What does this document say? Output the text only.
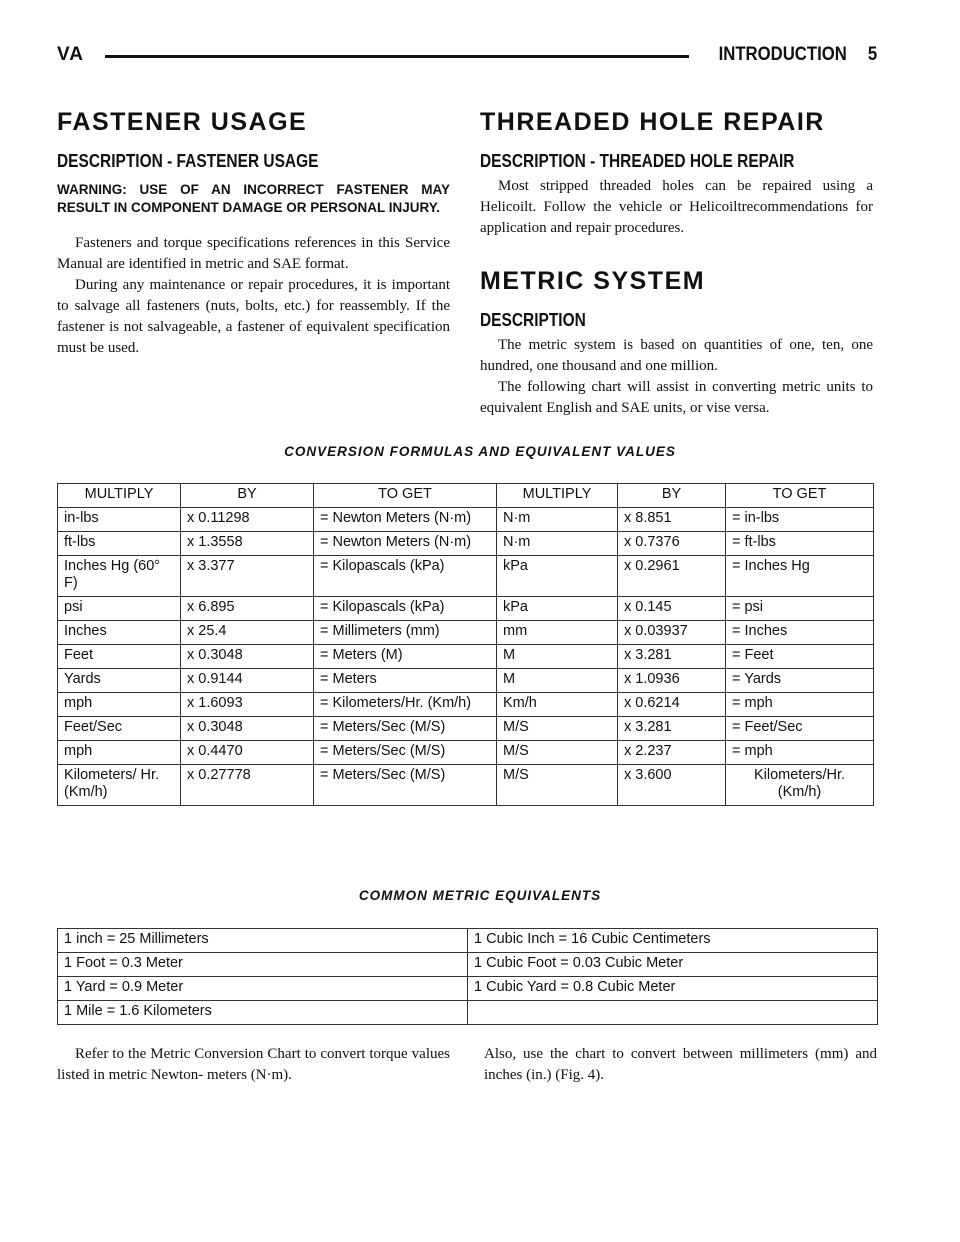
VA	INTRODUCTION 5
FASTENER USAGE
DESCRIPTION - FASTENER USAGE
WARNING: USE OF AN INCORRECT FASTENER MAY RESULT IN COMPONENT DAMAGE OR PERSONAL INJURY.

Fasteners and torque specifications references in this Service Manual are identified in metric and SAE format.

During any maintenance or repair procedures, it is important to salvage all fasteners (nuts, bolts, etc.) for reassembly. If the fastener is not salvageable, a fastener of equivalent specification must be used.

THREADED HOLE REPAIR
DESCRIPTION - THREADED HOLE REPAIR

Most stripped threaded holes can be repaired using a Helicoilt. Follow the vehicle or Helicoiltrecommendations for application and repair procedures.

METRIC SYSTEM
DESCRIPTION

The metric system is based on quantities of one, ten, one hundred, one thousand and one million.

The following chart will assist in converting metric units to equivalent English and SAE units, or vise versa.

CONVERSION FORMULAS AND EQUIVALENT VALUES
MULTIPLY	BY	TO GET	MULTIPLY	BY	TO GET
in-lbs	x 0.11298	= Newton Meters (N·m)	N·m	x 8.851	= in-lbs
ft-lbs	x 1.3558	= Newton Meters (N·m)	N·m	x 0.7376	= ft-lbs
Inches Hg (60° F)	x 3.377	= Kilopascals (kPa)	kPa	x 0.2961	= Inches Hg
psi	x 6.895	= Kilopascals (kPa)	kPa	x 0.145	= psi
Inches	x 25.4	= Millimeters (mm)	mm	x 0.03937	= Inches
Feet	x 0.3048	= Meters (M)	M	x 3.281	= Feet
Yards	x 0.9144	= Meters	M	x 1.0936	= Yards
mph	x 1.6093	= Kilometers/Hr. (Km/h)	Km/h	x 0.6214	= mph
Feet/Sec	x 0.3048	= Meters/Sec (M/S)	M/S	x 3.281	= Feet/Sec
mph	x 0.4470	= Meters/Sec (M/S)	M/S	x 2.237	= mph
Kilometers/ Hr. (Km/h)	x 0.27778	= Meters/Sec (M/S)	M/S	x 3.600	Kilometers/Hr. (Km/h)
COMMON METRIC EQUIVALENTS
1 inch = 25 Millimeters	1 Cubic Inch = 16 Cubic Centimeters
1 Foot = 0.3 Meter	1 Cubic Foot = 0.03 Cubic Meter
1 Yard = 0.9 Meter	1 Cubic Yard = 0.8 Cubic Meter
1 Mile = 1.6 Kilometers	
Refer to the Metric Conversion Chart to convert torque values listed in metric Newton- meters (N·m).
Also, use the chart to convert between millimeters (mm) and inches (in.) (Fig. 4).
